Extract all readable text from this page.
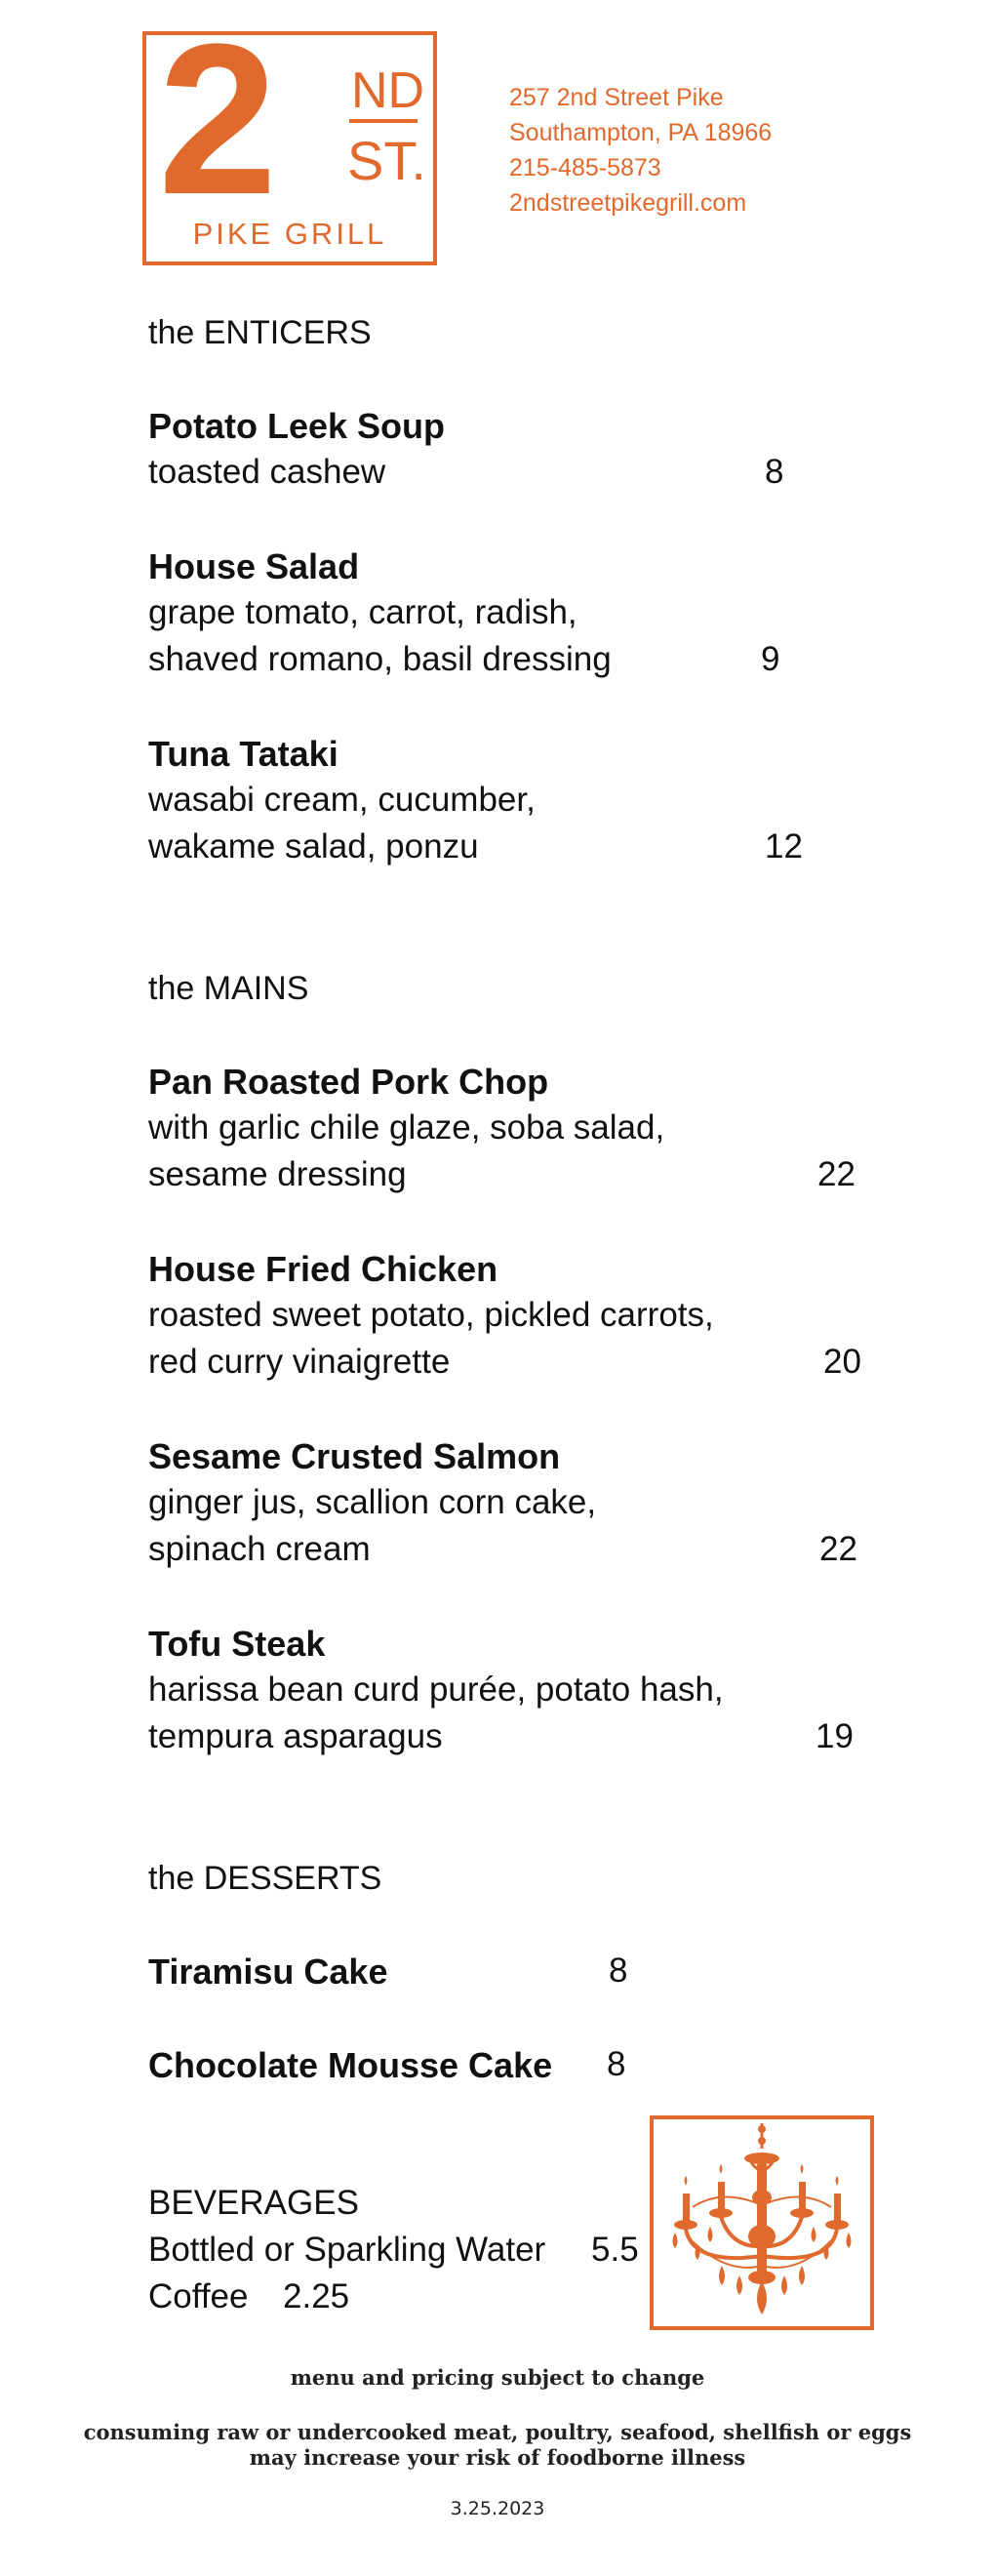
2 ND
ST.
PIKE GRILL
257 2nd Street Pike
Southampton, PA 18966
215-485-5873
2ndstreetpikegrill.com
the ENTICERS
Potato Leek Soup
toasted cashew	8
House Salad
grape tomato, carrot, radish,
shaved romano, basil dressing	9
Tuna Tataki
wasabi cream, cucumber,
wakame salad, ponzu	12
the MAINS
Pan Roasted Pork Chop
with garlic chile glaze, soba salad,
sesame dressing	22
House Fried Chicken
roasted sweet potato, pickled carrots,
red curry vinaigrette	20
Sesame Crusted Salmon
ginger jus, scallion corn cake,
spinach cream	22
Tofu Steak
harissa bean curd purée, potato hash,
tempura asparagus	19
the DESSERTS
Tiramisu Cake	8
Chocolate Mousse Cake 8
BEVERAGES
Bottled or Sparkling Water 5.5
Coffee 2.25
menu and pricing subject to change
consuming raw or undercooked meat, poultry, seafood, shellfish or eggs
may increase your risk of foodborne illness
3.25.2023
